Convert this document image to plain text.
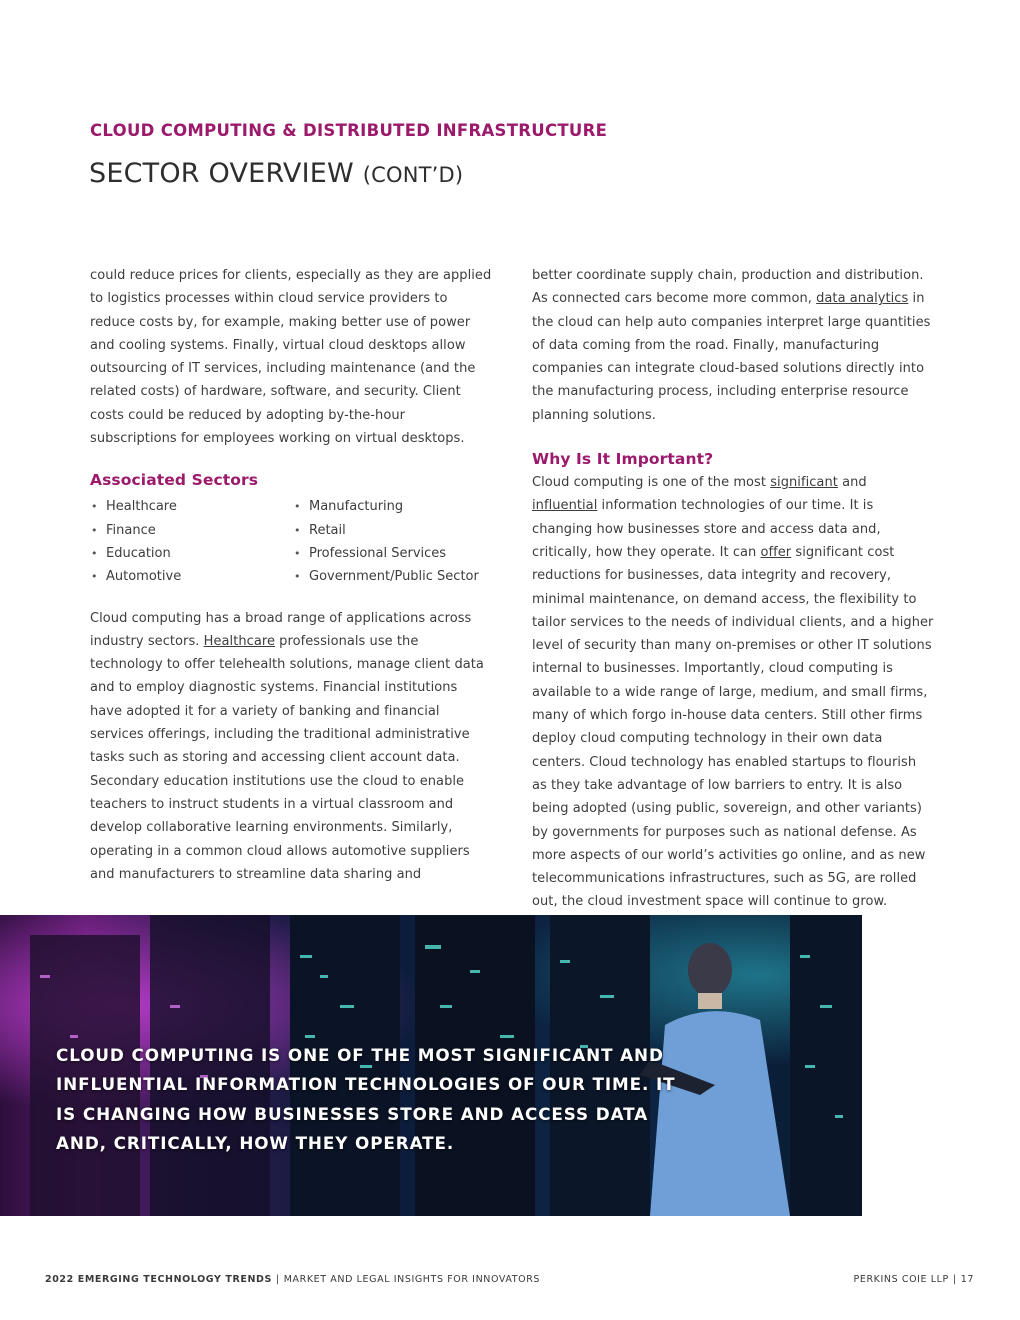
CLOUD COMPUTING & DISTRIBUTED INFRASTRUCTURE
SECTOR OVERVIEW (CONT’D)

could reduce prices for clients, especially as they are applied to logistics processes within cloud service providers to reduce costs by, for example, making better use of power and cooling systems. Finally, virtual cloud desktops allow outsourcing of IT services, including maintenance (and the related costs) of hardware, software, and security. Client costs could be reduced by adopting by-the-hour subscriptions for employees working on virtual desktops.

Associated Sectors
• Healthcare
• Finance
• Education
• Automotive
• Manufacturing
• Retail
• Professional Services
• Government/Public Sector

Cloud computing has a broad range of applications across industry sectors. Healthcare professionals use the technology to offer telehealth solutions, manage client data and to employ diagnostic systems. Financial institutions have adopted it for a variety of banking and financial services offerings, including the traditional administrative tasks such as storing and accessing client account data. Secondary education institutions use the cloud to enable teachers to instruct students in a virtual classroom and develop collaborative learning environments. Similarly, operating in a common cloud allows automotive suppliers and manufacturers to streamline data sharing and

better coordinate supply chain, production and distribution. As connected cars become more common, data analytics in the cloud can help auto companies interpret large quantities of data coming from the road. Finally, manufacturing companies can integrate cloud-based solutions directly into the manufacturing process, including enterprise resource planning solutions.

Why Is It Important?

Cloud computing is one of the most significant and influential information technologies of our time. It is changing how businesses store and access data and, critically, how they operate. It can offer significant cost reductions for businesses, data integrity and recovery, minimal maintenance, on demand access, the flexibility to tailor services to the needs of individual clients, and a higher level of security than many on-premises or other IT solutions internal to businesses. Importantly, cloud computing is available to a wide range of large, medium, and small firms, many of which forgo in-house data centers. Still other firms deploy cloud computing technology in their own data centers. Cloud technology has enabled startups to flourish as they take advantage of low barriers to entry. It is also being adopted (using public, sovereign, and other variants) by governments for purposes such as national defense. As more aspects of our world’s activities go online, and as new telecommunications infrastructures, such as 5G, are rolled out, the cloud investment space will continue to grow.

CLOUD COMPUTING IS ONE OF THE MOST SIGNIFICANT AND INFLUENTIAL INFORMATION TECHNOLOGIES OF OUR TIME. IT IS CHANGING HOW BUSINESSES STORE AND ACCESS DATA AND, CRITICALLY, HOW THEY OPERATE.

2022 EMERGING TECHNOLOGY TRENDS | MARKET AND LEGAL INSIGHTS FOR INNOVATORS	PERKINS COIE LLP | 17
